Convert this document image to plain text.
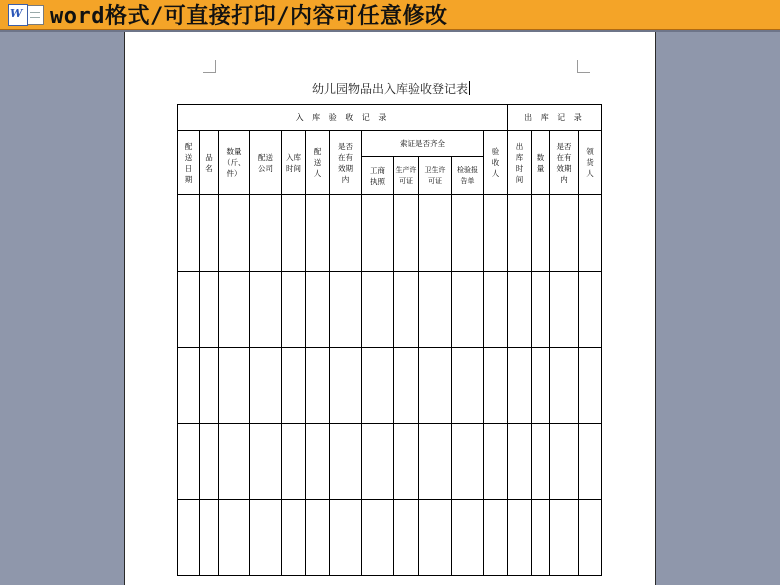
W word格式/可直接打印/内容可任意修改
幼儿园物品出入库验收登记表
入 库 验 收 记 录												出 库 记 录			

配送日期	品名	数量（斤、件）	配送公司	入库时间	配送人	是否在有效期内	索证是否齐全				验收人	出库时间	数量	是否在有效期内	领货人

							工商执照	生产许可证	卫生许可证	检验报告单					
